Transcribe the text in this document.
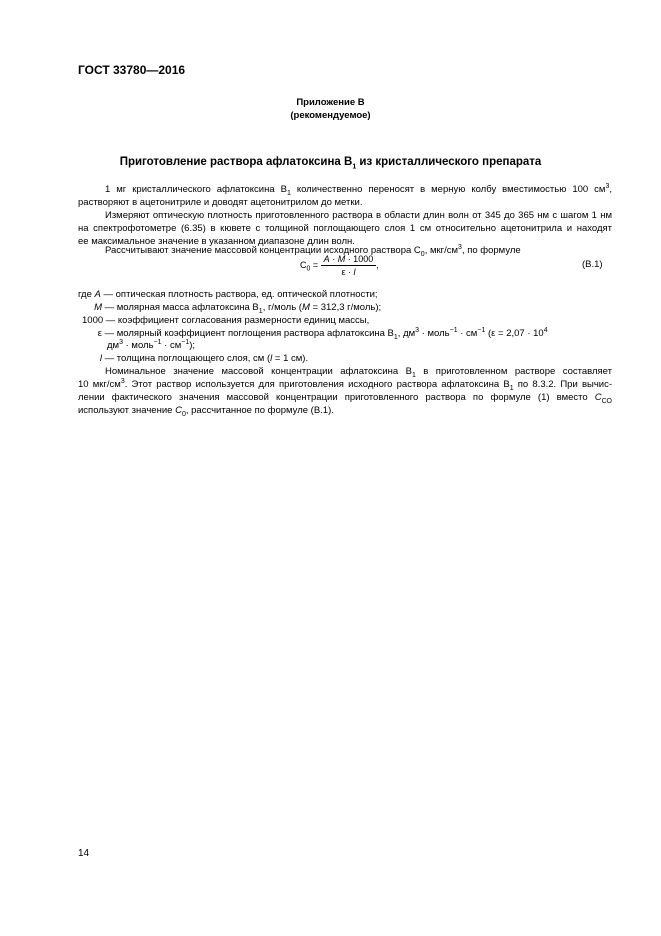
ГОСТ 33780—2016
Приложение В
(рекомендуемое)
Приготовление раствора афлатоксина $В_1$ из кристаллического препарата
1 мг кристаллического афлатоксина $В_1$ количественно переносят в мерную колбу вместимостью 100 $см^3$,
растворяют в ацетонитриле и доводят ацетонитрилом до метки.
Измеряют оптическую плотность приготовленного раствора в области длин волн от 345 до 365 нм с шагом 1 нм
на спектрофотометре (6.35) в кювете с толщиной поглощающего слоя 1 см относительно ацетонитрила и находят
ее максимальное значение в указанном диапазоне длин волн.
Рассчитывают значение массовой концентрации исходного раствора $С_0$, мкг/$см^3$, по формуле
$С_0 = \frac{A \cdot M \cdot 1000}{\varepsilon \cdot l}$ ,	(В.1)
где A — оптическая плотность раствора, ед. оптической плотности;
M — молярная масса афлатоксина $В_1$, г/моль (M = 312,3 г/моль);
1000 — коэффициент согласования размерности единиц массы,
ε — молярный коэффициент поглощения раствора афлатоксина $В_1$, $дм^3$ · моль$^{-1}$ · $см^{-1}$ ($\varepsilon = 2,07 \cdot 10^4$
$дм^3$ · моль$^{-1}$ · $см^{-1}$);
l — толщина поглощающего слоя, см (l = 1 см).
Номинальное значение массовой концентрации афлатоксина $В_1$ в приготовленном растворе составляет
10 мкг/$см^3$. Этот раствор используется для приготовления исходного раствора афлатоксина $В_1$ по 8.3.2. При вычис-
лении фактического значения массовой концентрации приготовленного раствора по формуле (1) вместо $C_{СО}$
используют значение $C_0$, рассчитанное по формуле (В.1).
14
